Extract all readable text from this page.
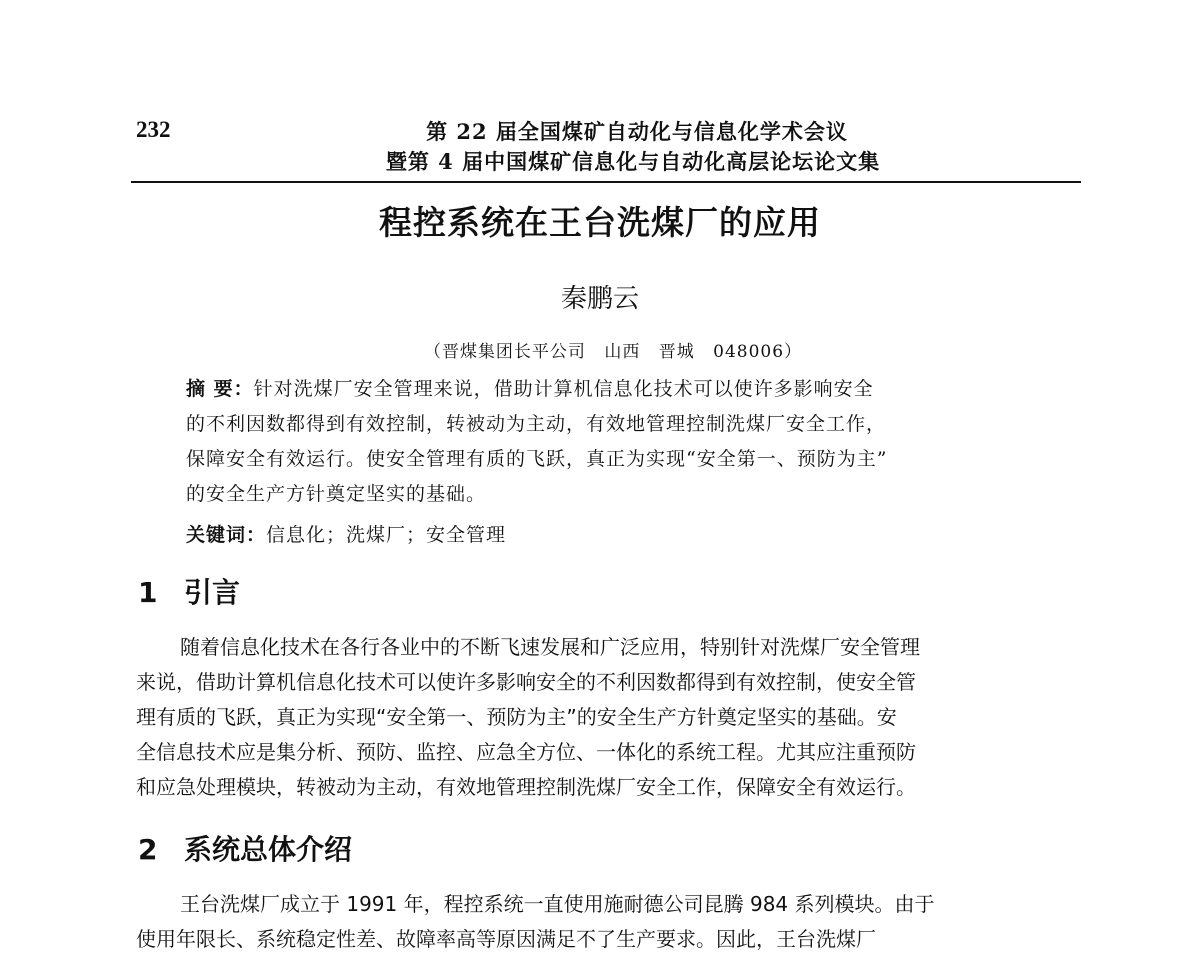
232	第 22 届全国煤矿自动化与信息化学术会议
暨第 4 届中国煤矿信息化与自动化高层论坛论文集
程控系统在王台洗煤厂的应用
秦鹏云
（晋煤集团长平公司 山西 晋城 048006）

摘 要：针对洗煤厂安全管理来说，借助计算机信息化技术可以使许多影响安全

的不利因数都得到有效控制，转被动为主动，有效地管理控制洗煤厂安全工作，

保障安全有效运行。使安全管理有质的飞跃，真正为实现“安全第一、预防为主”

的安全生产方针奠定坚实的基础。

关键词：信息化；洗煤厂；安全管理
1 引言

随着信息化技术在各行各业中的不断飞速发展和广泛应用，特别针对洗煤厂安全管理

来说，借助计算机信息化技术可以使许多影响安全的不利因数都得到有效控制，使安全管

理有质的飞跃，真正为实现“安全第一、预防为主”的安全生产方针奠定坚实的基础。安

全信息技术应是集分析、预防、监控、应急全方位、一体化的系统工程。尤其应注重预防

和应急处理模块，转被动为主动，有效地管理控制洗煤厂安全工作，保障安全有效运行。

2 系统总体介绍

王台洗煤厂成立于 1991 年，程控系统一直使用施耐德公司昆腾 984 系列模块。由于

使用年限长、系统稳定性差、故障率高等原因满足不了生产要求。因此，王台洗煤厂
